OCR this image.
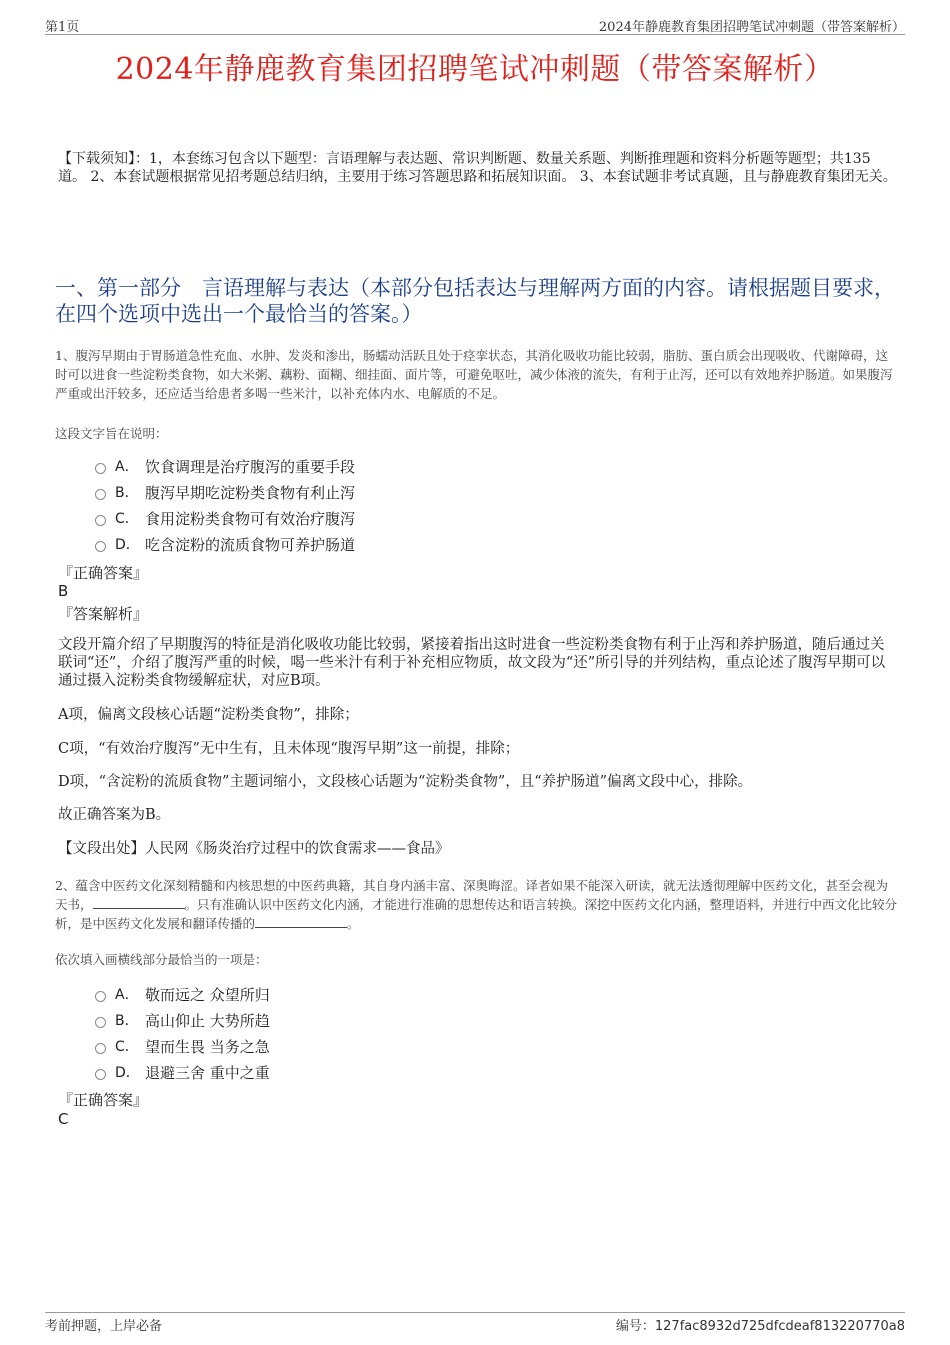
第1页	2024年静鹿教育集团招聘笔试冲刺题（带答案解析）
2024年静鹿教育集团招聘笔试冲刺题（带答案解析）
【下载须知】：1，本套练习包含以下题型：言语理解与表达题、常识判断题、数量关系题、判断推理题和资料分析题等题型；共135道。 2、本套试题根据常见招考题总结归纳，主要用于练习答题思路和拓展知识面。 3、本套试题非考试真题，且与静鹿教育集团无关。
一、第一部分　言语理解与表达（本部分包括表达与理解两方面的内容。请根据题目要求，在四个选项中选出一个最恰当的答案。）
1、腹泻早期由于胃肠道急性充血、水肿、发炎和渗出，肠蠕动活跃且处于痉挛状态，其消化吸收功能比较弱，脂肪、蛋白质会出现吸收、代谢障碍，这时可以进食一些淀粉类食物，如大米粥、藕粉、面糊、细挂面、面片等，可避免呕吐，减少体液的流失，有利于止泻，还可以有效地养护肠道。如果腹泻严重或出汗较多，还应适当给患者多喝一些米汁，以补充体内水、电解质的不足。
这段文字旨在说明：
A． 饮食调理是治疗腹泻的重要手段
B． 腹泻早期吃淀粉类食物有利止泻
C． 食用淀粉类食物可有效治疗腹泻
D． 吃含淀粉的流质食物可养护肠道
『正确答案』
B
『答案解析』
文段开篇介绍了早期腹泻的特征是消化吸收功能比较弱，紧接着指出这时进食一些淀粉类食物有利于止泻和养护肠道，随后通过关联词“还”，介绍了腹泻严重的时候，喝一些米汁有利于补充相应物质，故文段为“还”所引导的并列结构，重点论述了腹泻早期可以通过摄入淀粉类食物缓解症状，对应B项。
A项，偏离文段核心话题“淀粉类食物”，排除；
C项，“有效治疗腹泻”无中生有，且未体现“腹泻早期”这一前提，排除；
D项，“含淀粉的流质食物”主题词缩小，文段核心话题为“淀粉类食物”，且“养护肠道”偏离文段中心，排除。
故正确答案为B。
【文段出处】人民网《肠炎治疗过程中的饮食需求——食品》
2、蕴含中医药文化深刻精髓和内核思想的中医药典籍，其自身内涵丰富、深奥晦涩。译者如果不能深入研读，就无法透彻理解中医药文化，甚至会视为天书，	。只有准确认识中医药文化内涵，才能进行准确的思想传达和语言转换。深挖中医药文化内涵，整理语料，并进行中西文化比较分析，是中医药文化发展和翻译传播的	。
依次填入画横线部分最恰当的一项是：
A． 敬而远之 众望所归
B． 高山仰止 大势所趋
C． 望而生畏 当务之急
D． 退避三舍 重中之重
『正确答案』
C
考前押题，上岸必备	编号：127fac8932d725dfcdeaf813220770a8
